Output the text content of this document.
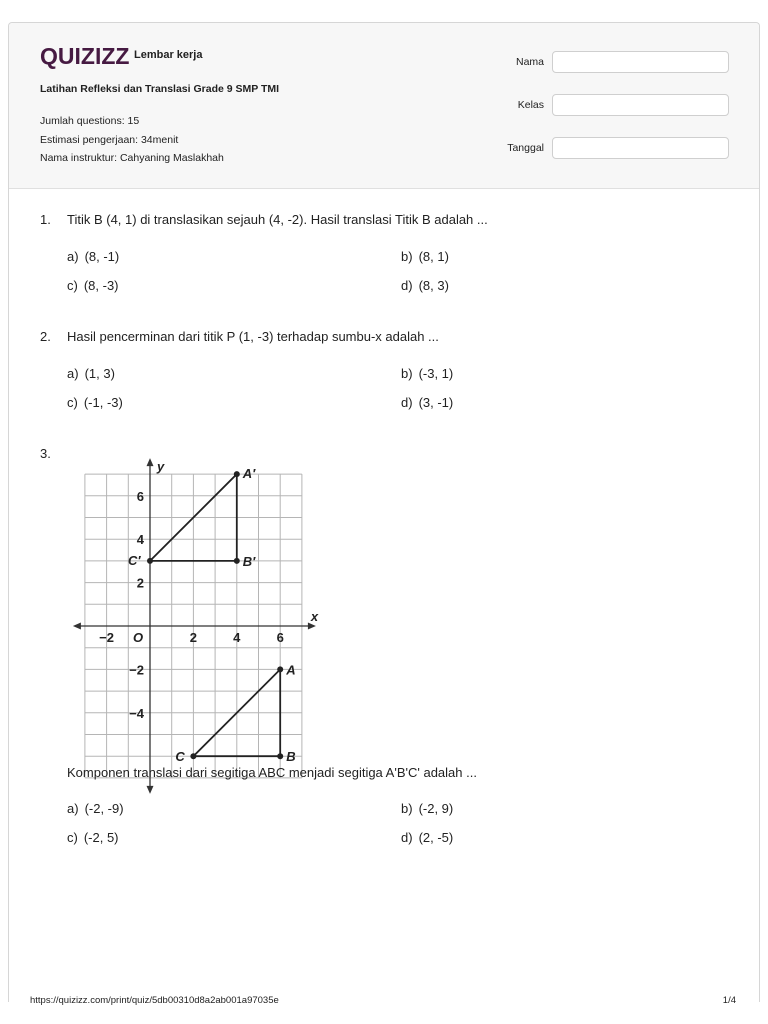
QUIZIZZ Lembar kerja
Latihan Refleksi dan Translasi Grade 9 SMP TMI
Jumlah questions: 15
Estimasi pengerjaan: 34menit
Nama instruktur: Cahyaning Maslakhah
Nama
Kelas
Tanggal
1. Titik B (4, 1) di translasikan sejauh (4, -2). Hasil translasi Titik B adalah ...
a) (8, -1)	b) (8, 1)
c) (8, -3)	d) (8, 3)
2. Hasil pencerminan dari titik P (1, -3) terhadap sumbu-x adalah ...
a) (1, 3)	b) (-3, 1)
c) (-1, -3)	d) (3, -1)
3.
x
y
O
−2	2	4	6
6
4
2
−2
−4
A
B
C
A′
B′
C′
Komponen translasi dari segitiga ABC menjadi segitiga A'B'C' adalah ...
a) (-2, -9)	b) (-2, 9)
c) (-2, 5)	d) (2, -5)
https://quizizz.com/print/quiz/5db00310d8a2ab001a97035e	1/4
